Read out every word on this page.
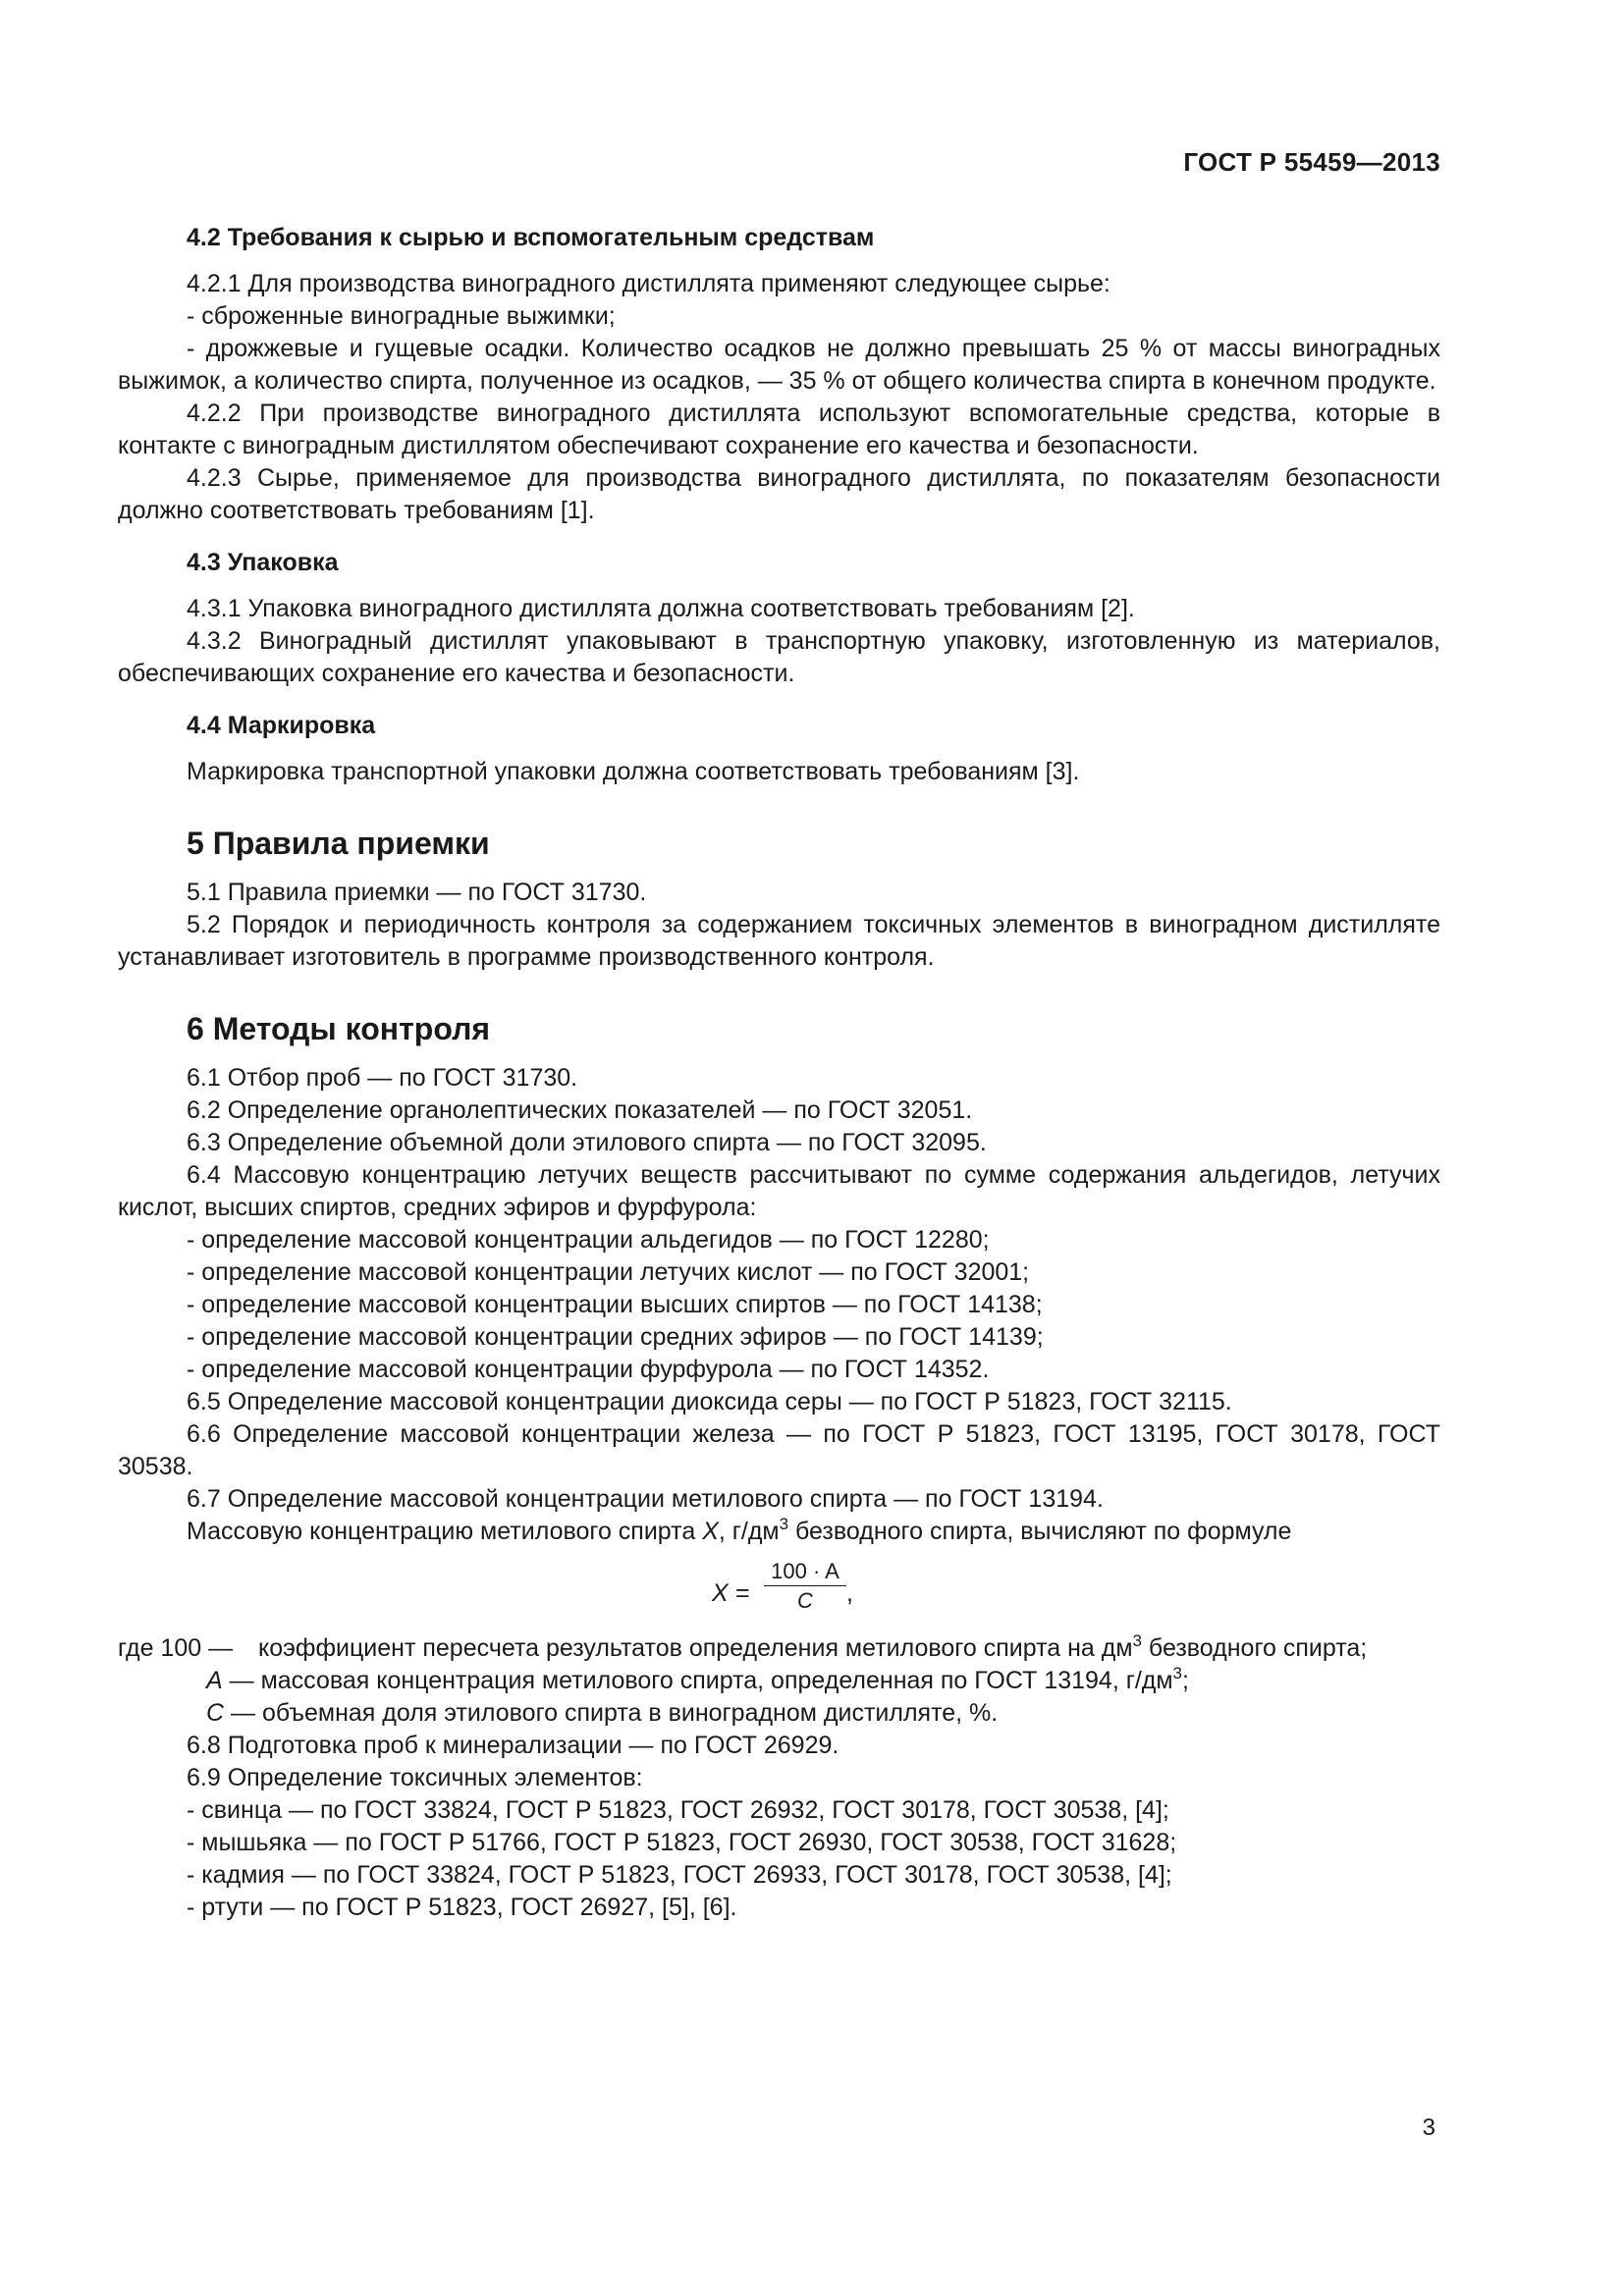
ГОСТ Р 55459—2013
4.2 Требования к сырью и вспомогательным средствам

4.2.1 Для производства виноградного дистиллята применяют следующее сырье:

- сброженные виноградные выжимки;

- дрожжевые и гущевые осадки. Количество осадков не должно превышать 25 % от массы виноградных выжимок, а количество спирта, полученное из осадков, — 35 % от общего количества спирта в конечном продукте.

4.2.2 При производстве виноградного дистиллята используют вспомогательные средства, которые в контакте с виноградным дистиллятом обеспечивают сохранение его качества и безопасности.

4.2.3 Сырье, применяемое для производства виноградного дистиллята, по показателям безопасности должно соответствовать требованиям [1].

4.3 Упаковка

4.3.1 Упаковка виноградного дистиллята должна соответствовать требованиям [2].

4.3.2 Виноградный дистиллят упаковывают в транспортную упаковку, изготовленную из материалов, обеспечивающих сохранение его качества и безопасности.

4.4 Маркировка

Маркировка транспортной упаковки должна соответствовать требованиям [3].

5 Правила приемки

5.1 Правила приемки — по ГОСТ 31730.

5.2 Порядок и периодичность контроля за содержанием токсичных элементов в виноградном дистилляте устанавливает изготовитель в программе производственного контроля.

6 Методы контроля

6.1 Отбор проб — по ГОСТ 31730.

6.2 Определение органолептических показателей — по ГОСТ 32051.

6.3 Определение объемной доли этилового спирта — по ГОСТ 32095.

6.4 Массовую концентрацию летучих веществ рассчитывают по сумме содержания альдегидов, летучих кислот, высших спиртов, средних эфиров и фурфурола:

- определение массовой концентрации альдегидов — по ГОСТ 12280;

- определение массовой концентрации летучих кислот — по ГОСТ 32001;

- определение массовой концентрации высших спиртов — по ГОСТ 14138;

- определение массовой концентрации средних эфиров — по ГОСТ 14139;

- определение массовой концентрации фурфурола — по ГОСТ 14352.

6.5 Определение массовой концентрации диоксида серы — по ГОСТ Р 51823, ГОСТ 32115.

6.6 Определение массовой концентрации железа — по ГОСТ Р 51823, ГОСТ 13195, ГОСТ 30178, ГОСТ 30538.

6.7 Определение массовой концентрации метилового спирта — по ГОСТ 13194.

Массовую концентрацию метилового спирта X, $г/дм^3$ безводного спирта, вычисляют по формуле

$X = \frac{100 \cdot A}{C}$ ,
где 100 —	коэффициент пересчета результатов определения метилового спирта на $дм^3$ безводного спирта;

A — массовая концентрация метилового спирта, определенная по ГОСТ 13194, $г/дм^3$;

C — объемная доля этилового спирта в виноградном дистилляте, %.

6.8 Подготовка проб к минерализации — по ГОСТ 26929.

6.9 Определение токсичных элементов:

- свинца — по ГОСТ 33824, ГОСТ Р 51823, ГОСТ 26932, ГОСТ 30178, ГОСТ 30538, [4];

- мышьяка — по ГОСТ Р 51766, ГОСТ Р 51823, ГОСТ 26930, ГОСТ 30538, ГОСТ 31628;

- кадмия — по ГОСТ 33824, ГОСТ Р 51823, ГОСТ 26933, ГОСТ 30178, ГОСТ 30538, [4];

- ртути — по ГОСТ Р 51823, ГОСТ 26927, [5], [6].

3
